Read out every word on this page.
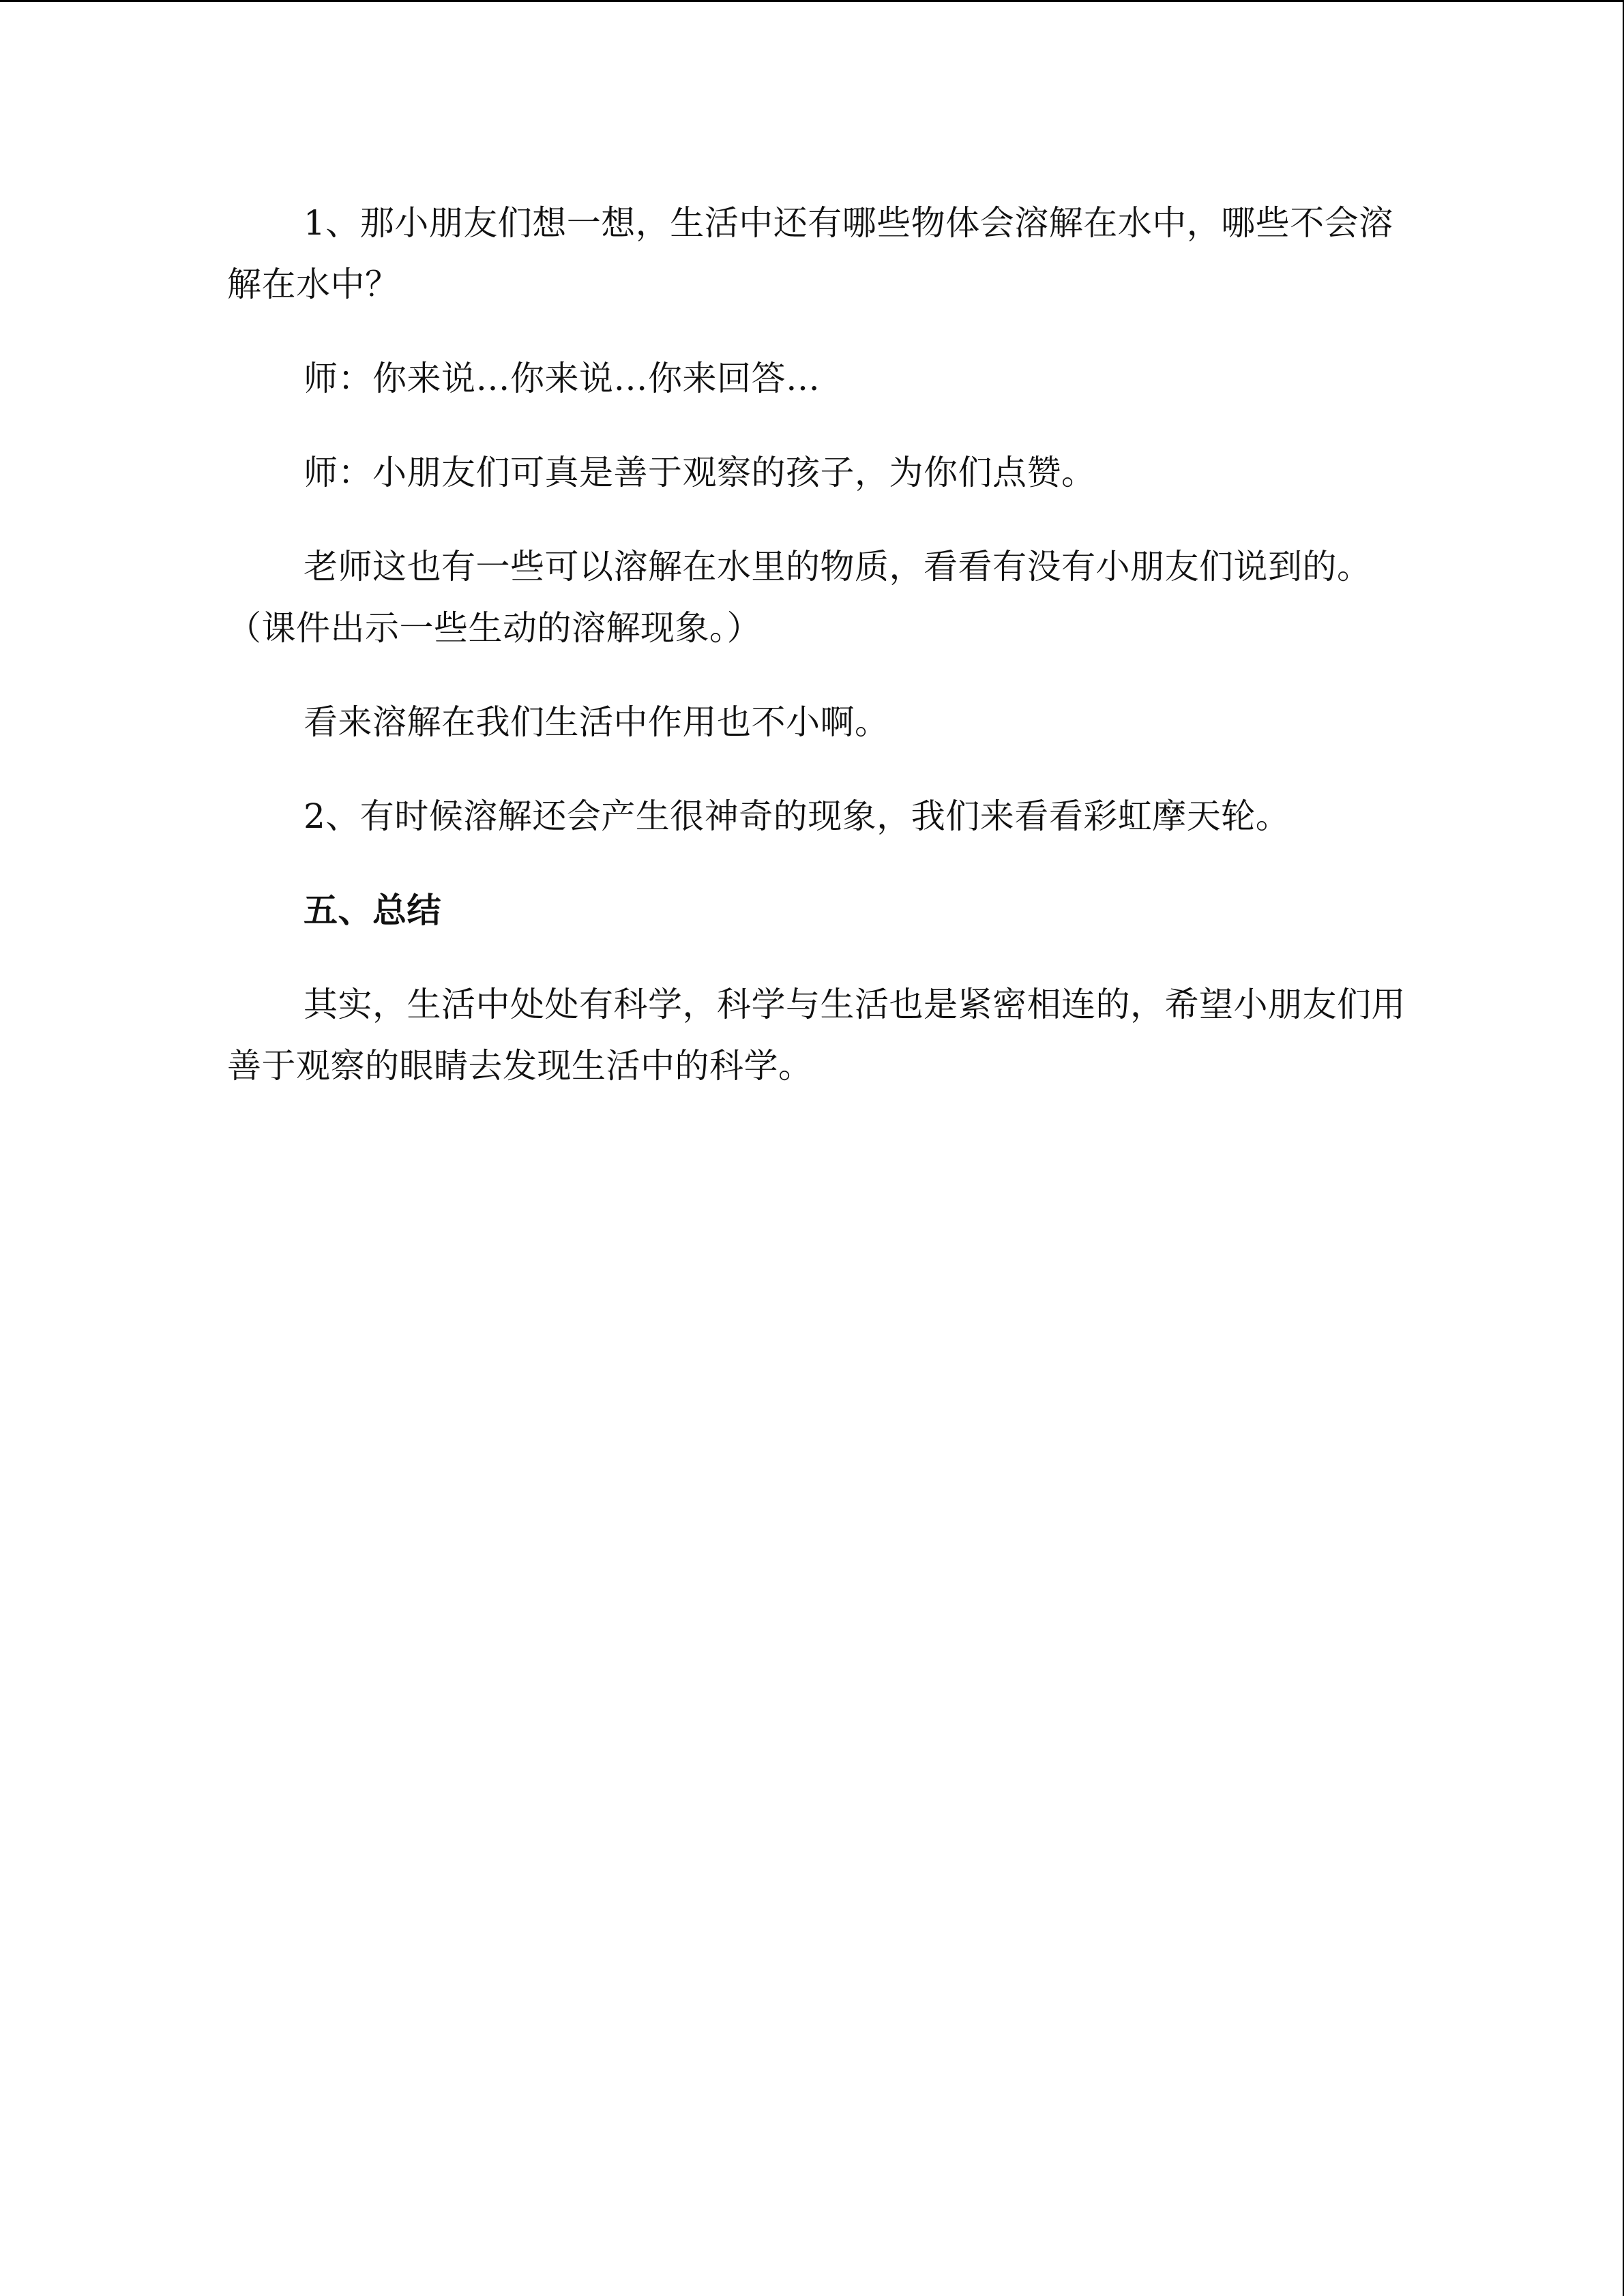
1、那小朋友们想一想，生活中还有哪些物体会溶解在水中，哪些不会溶解在水中？

师：你来说…你来说…你来回答…

师：小朋友们可真是善于观察的孩子，为你们点赞。

老师这也有一些可以溶解在水里的物质，看看有没有小朋友们说到的。（课件出示一些生动的溶解现象。）

看来溶解在我们生活中作用也不小啊。

2、有时候溶解还会产生很神奇的现象，我们来看看彩虹摩天轮。

五、总结

其实，生活中处处有科学，科学与生活也是紧密相连的，希望小朋友们用善于观察的眼睛去发现生活中的科学。
